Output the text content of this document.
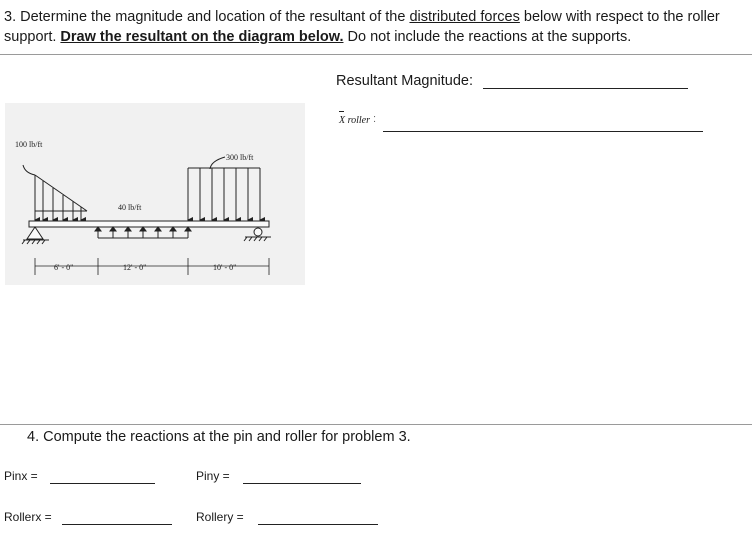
3. Determine the magnitude and location of the resultant of the distributed forces below with respect to the roller support. Draw the resultant on the diagram below. Do not include the reactions at the supports.
Resultant Magnitude:
X roller :
100 lb/ft
300 lb/ft
40 lb/ft
6' - 0"	12' - 0"	10' - 0"
4. Compute the reactions at the pin and roller for problem 3.
Pinx =	Piny =
Rollerx =	Rollery =
